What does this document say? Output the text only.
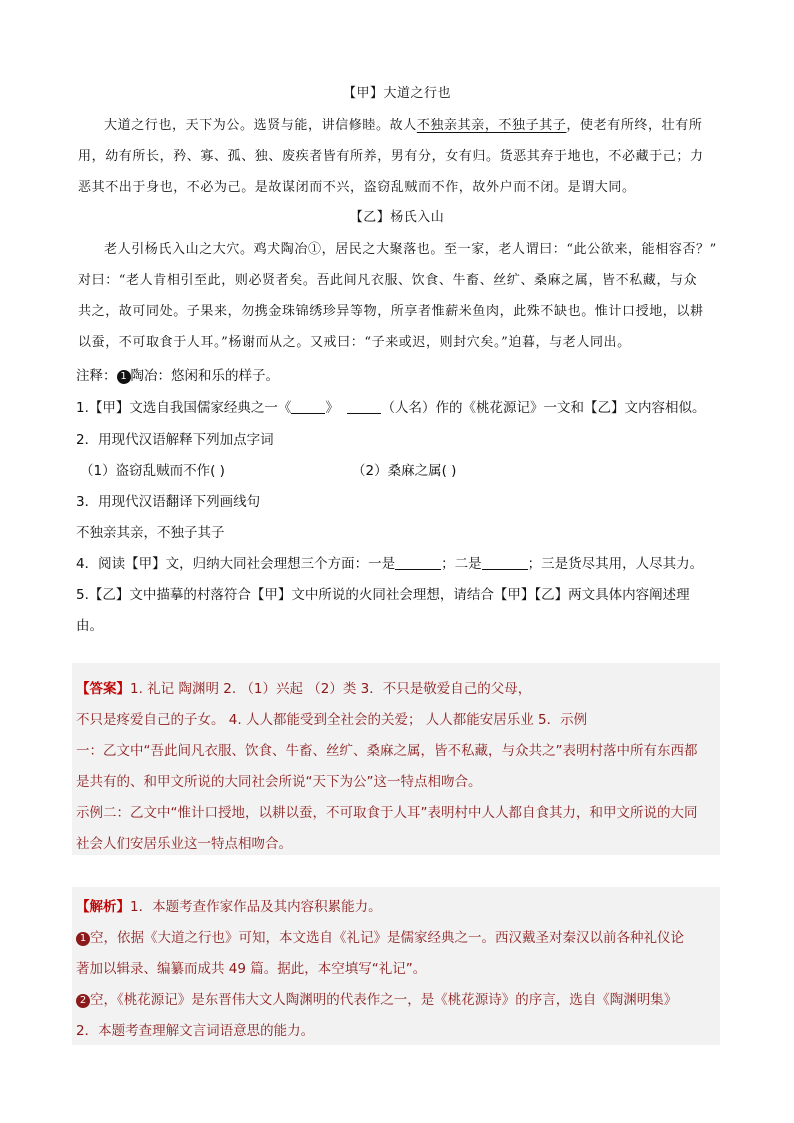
【甲】大道之行也
大道之行也，天下为公。选贤与能，讲信修睦。故人不独亲其亲，不独子其子，使老有所终，壮有所
用，幼有所长，矜、寡、孤、独、废疾者皆有所养，男有分，女有归。货恶其弃于地也，不必藏于己；力
恶其不出于身也，不必为己。是故谋闭而不兴，盗窃乱贼而不作，故外户而不闭。是谓大同。
【乙】杨氏入山
老人引杨氏入山之大穴。鸡犬陶冶①，居民之大聚落也。至一家，老人谓曰：“此公欲来，能相容否？”
对曰：“老人肯相引至此，则必贤者矣。吾此间凡衣服、饮食、牛畜、丝纩、桑麻之属，皆不私藏，与众
共之，故可同处。子果来，勿携金珠锦绣珍异等物，所享者惟薪米鱼肉，此殊不缺也。惟计口授地，以耕
以蚕，不可取食于人耳。”杨谢而从之。又戒曰：“子来或迟，则封穴矣。”迫暮，与老人同出。
注释： 1 陶冶：悠闲和乐的样子。
1.【甲】文选自我国儒家经典之一《	》	（人名）作的《桃花源记》一文和【乙】文内容相似。
2．用现代汉语解释下列加点字词
（1）盗窃乱贼而不作( )	（2）桑麻之属( )
3．用现代汉语翻译下列画线句
不独亲其亲，不独子其子
4．阅读【甲】文，归纳大同社会理想三个方面：一是	；二是	；三是货尽其用，人尽其力。
5.【乙】文中描摹的村落符合【甲】文中所说的火同社会理想，请结合【甲】【乙】两文具体内容阐述理
由。
【答案】1. 礼记 陶渊明 2. （1）兴起 （2）类 3．不只是敬爱自己的父母，
不只是疼爱自己的子女。 4. 人人都能受到全社会的关爱； 人人都能安居乐业 5．示例
一：乙文中“吾此间凡衣服、饮食、牛畜、丝纩、桑麻之属，皆不私藏，与众共之”表明村落中所有东西都
是共有的、和甲文所说的大同社会所说“天下为公”这一特点相吻合。
示例二：乙文中“惟计口授地，以耕以蚕，不可取食于人耳”表明村中人人都自食其力，和甲文所说的大同
社会人们安居乐业这一特点相吻合。
【解析】1．本题考查作家作品及其内容积累能力。
1 空，依据《大道之行也》可知，本文选自《礼记》是儒家经典之一。西汉戴圣对秦汉以前各种礼仪论
著加以辑录、编纂而成共 49 篇。据此，本空填写“礼记”。
2 空，《桃花源记》是东晋伟大文人陶渊明的代表作之一，是《桃花源诗》的序言，选自《陶渊明集》
2．本题考查理解文言词语意思的能力。
